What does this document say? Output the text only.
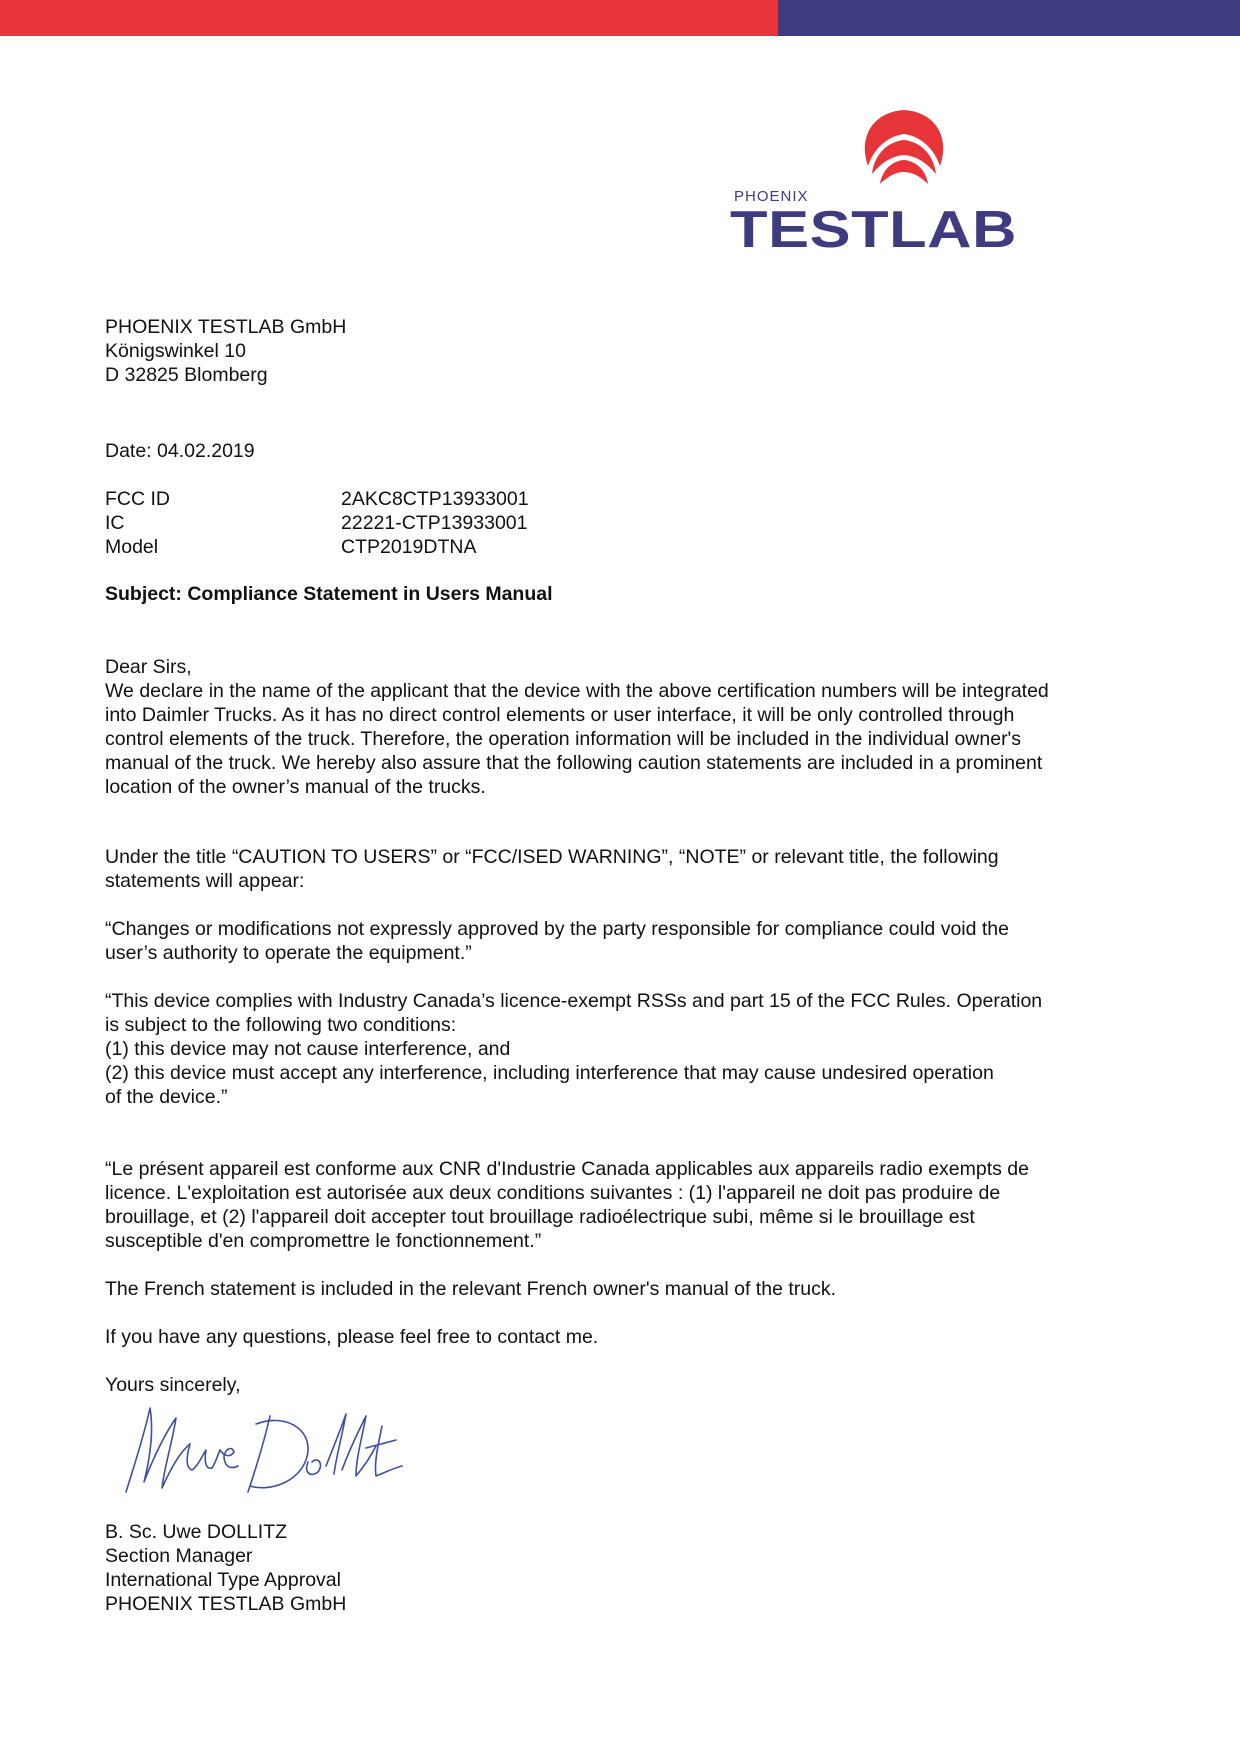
PHOENIX
TESTLAB
PHOENIX TESTLAB GmbH
Königswinkel 10
D 32825 Blomberg
Date: 04.02.2019
FCC ID	2AKC8CTP13933001
IC	22221-CTP13933001
Model	CTP2019DTNA
Subject: Compliance Statement in Users Manual
Dear Sirs,
We declare in the name of the applicant that the device with the above certification numbers will be integrated
into Daimler Trucks. As it has no direct control elements or user interface, it will be only controlled through
control elements of the truck. Therefore, the operation information will be included in the individual owner's
manual of the truck. We hereby also assure that the following caution statements are included in a prominent
location of the owner’s manual of the trucks.
Under the title “CAUTION TO USERS” or “FCC/ISED WARNING”, “NOTE” or relevant title, the following
statements will appear:
“Changes or modifications not expressly approved by the party responsible for compliance could void the
user’s authority to operate the equipment.”
“This device complies with Industry Canada’s licence-exempt RSSs and part 15 of the FCC Rules. Operation
is subject to the following two conditions:
(1) this device may not cause interference, and
(2) this device must accept any interference, including interference that may cause undesired operation
of the device.”
“Le présent appareil est conforme aux CNR d'Industrie Canada applicables aux appareils radio exempts de
licence. L'exploitation est autorisée aux deux conditions suivantes : (1) l'appareil ne doit pas produire de
brouillage, et (2) l'appareil doit accepter tout brouillage radioélectrique subi, même si le brouillage est
susceptible d'en compromettre le fonctionnement.”
The French statement is included in the relevant French owner's manual of the truck.
If you have any questions, please feel free to contact me.
Yours sincerely,
B. Sc. Uwe DOLLITZ
Section Manager
International Type Approval
PHOENIX TESTLAB GmbH
